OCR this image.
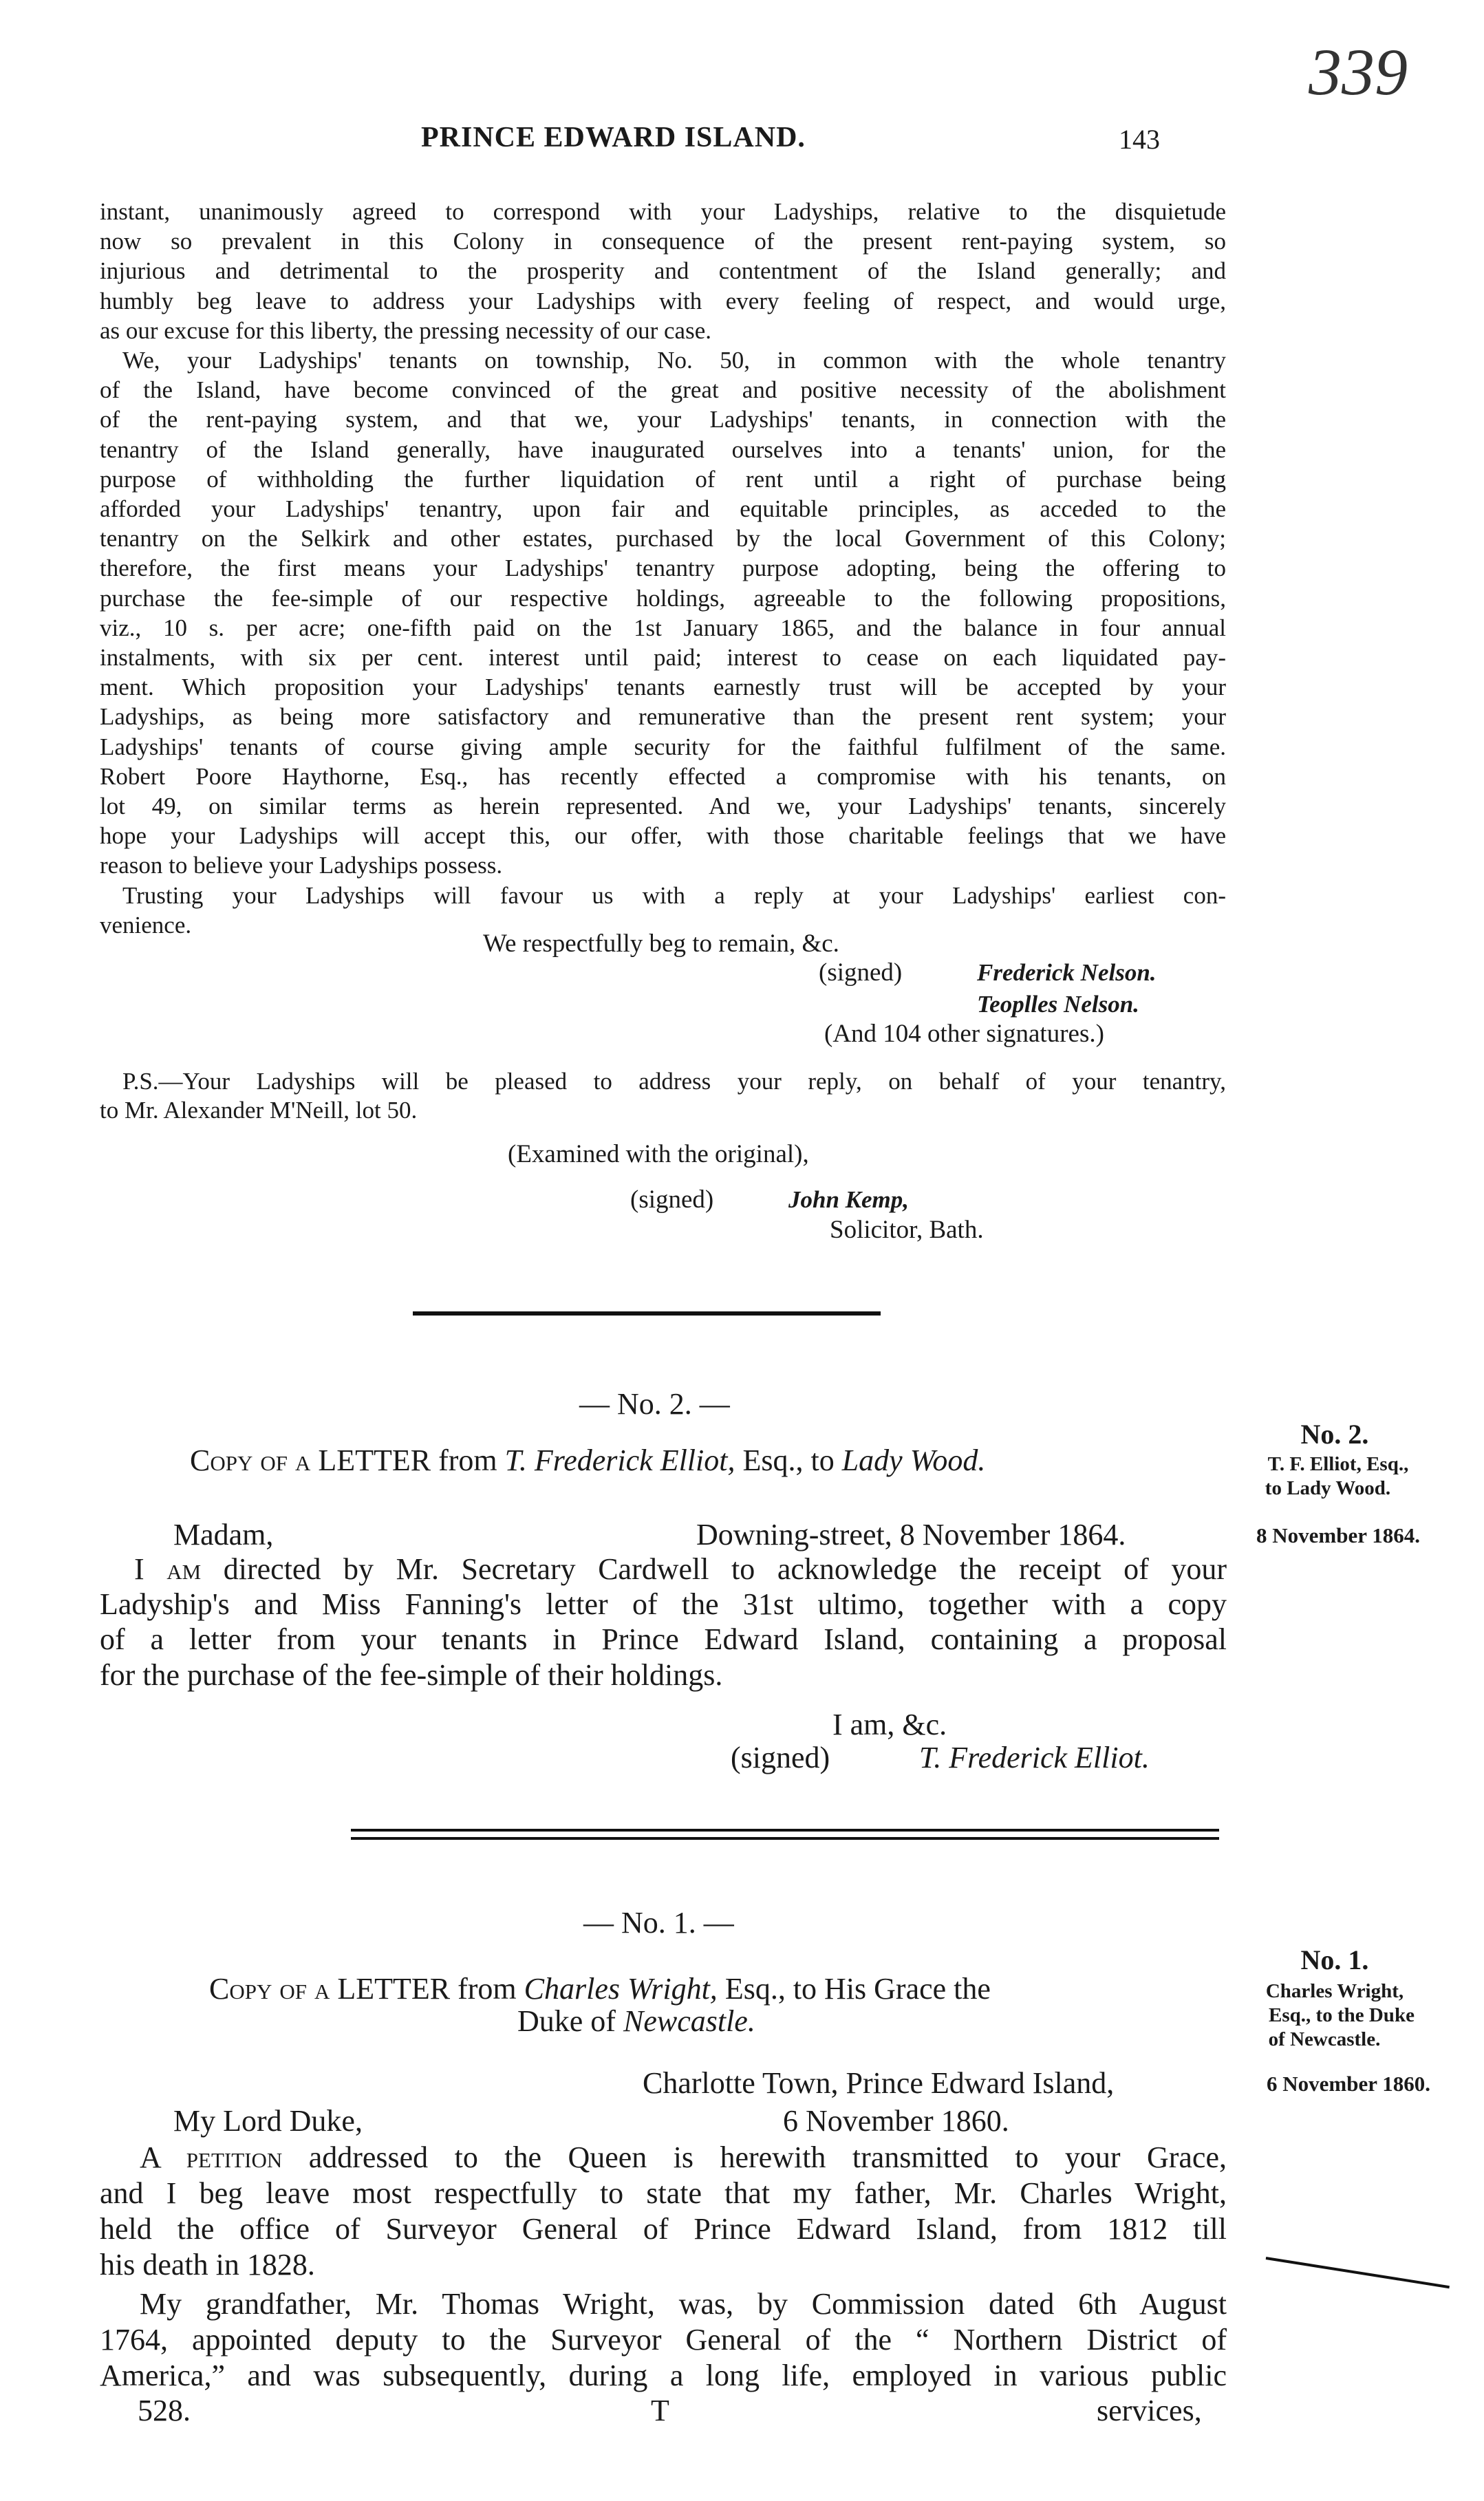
PRINCE EDWARD ISLAND.	143
339
instant, unanimously agreed to correspond with your Ladyships, relative to the disquietude
now so prevalent in this Colony in consequence of the present rent-paying system, so
injurious and detrimental to the prosperity and contentment of the Island generally; and
humbly beg leave to address your Ladyships with every feeling of respect, and would urge,
as our excuse for this liberty, the pressing necessity of our case.
We, your Ladyships' tenants on township, No. 50, in common with the whole tenantry
of the Island, have become convinced of the great and positive necessity of the abolishment
of the rent-paying system, and that we, your Ladyships' tenants, in connection with the
tenantry of the Island generally, have inaugurated ourselves into a tenants' union, for the
purpose of withholding the further liquidation of rent until a right of purchase being
afforded your Ladyships' tenantry, upon fair and equitable principles, as acceded to the
tenantry on the Selkirk and other estates, purchased by the local Government of this Colony;
therefore, the first means your Ladyships' tenantry purpose adopting, being the offering to
purchase the fee-simple of our respective holdings, agreeable to the following propositions,
viz., 10 s. per acre; one-fifth paid on the 1st January 1865, and the balance in four annual
instalments, with six per cent. interest until paid; interest to cease on each liquidated pay-
ment. Which proposition your Ladyships' tenants earnestly trust will be accepted by your
Ladyships, as being more satisfactory and remunerative than the present rent system; your
Ladyships' tenants of course giving ample security for the faithful fulfilment of the same.
Robert Poore Haythorne, Esq., has recently effected a compromise with his tenants, on
lot 49, on similar terms as herein represented. And we, your Ladyships' tenants, sincerely
hope your Ladyships will accept this, our offer, with those charitable feelings that we have
reason to believe your Ladyships possess.
Trusting your Ladyships will favour us with a reply at your Ladyships' earliest con-
venience.
We respectfully beg to remain, &c.
(signed)	Frederick Nelson.
Teoplles Nelson.
(And 104 other signatures.)
P.S.—Your Ladyships will be pleased to address your reply, on behalf of your tenantry,
to Mr. Alexander M'Neill, lot 50.
(Examined with the original),
(signed)	John Kemp,
Solicitor, Bath.
— No. 2. —
Copy of a LETTER from T. Frederick Elliot, Esq., to Lady Wood.
No. 2.
T. F. Elliot, Esq.,
to Lady Wood.
8 November 1864.
Madam,	Downing-street, 8 November 1864.
I am directed by Mr. Secretary Cardwell to acknowledge the receipt of your
Ladyship's and Miss Fanning's letter of the 31st ultimo, together with a copy
of a letter from your tenants in Prince Edward Island, containing a proposal
for the purchase of the fee-simple of their holdings.
I am, &c.
(signed)	T. Frederick Elliot.
— No. 1. —
Copy of a LETTER from Charles Wright, Esq., to His Grace the
Duke of Newcastle.
No. 1.
Charles Wright,
Esq., to the Duke
of Newcastle.
6 November 1860.
Charlotte Town, Prince Edward Island,
My Lord Duke,	6 November 1860.
A petition addressed to the Queen is herewith transmitted to your Grace,
and I beg leave most respectfully to state that my father, Mr. Charles Wright,
held the office of Surveyor General of Prince Edward Island, from 1812 till
his death in 1828.
My grandfather, Mr. Thomas Wright, was, by Commission dated 6th August
1764, appointed deputy to the Surveyor General of the “ Northern District of
America,” and was subsequently, during a long life, employed in various public
528.	T	services,
